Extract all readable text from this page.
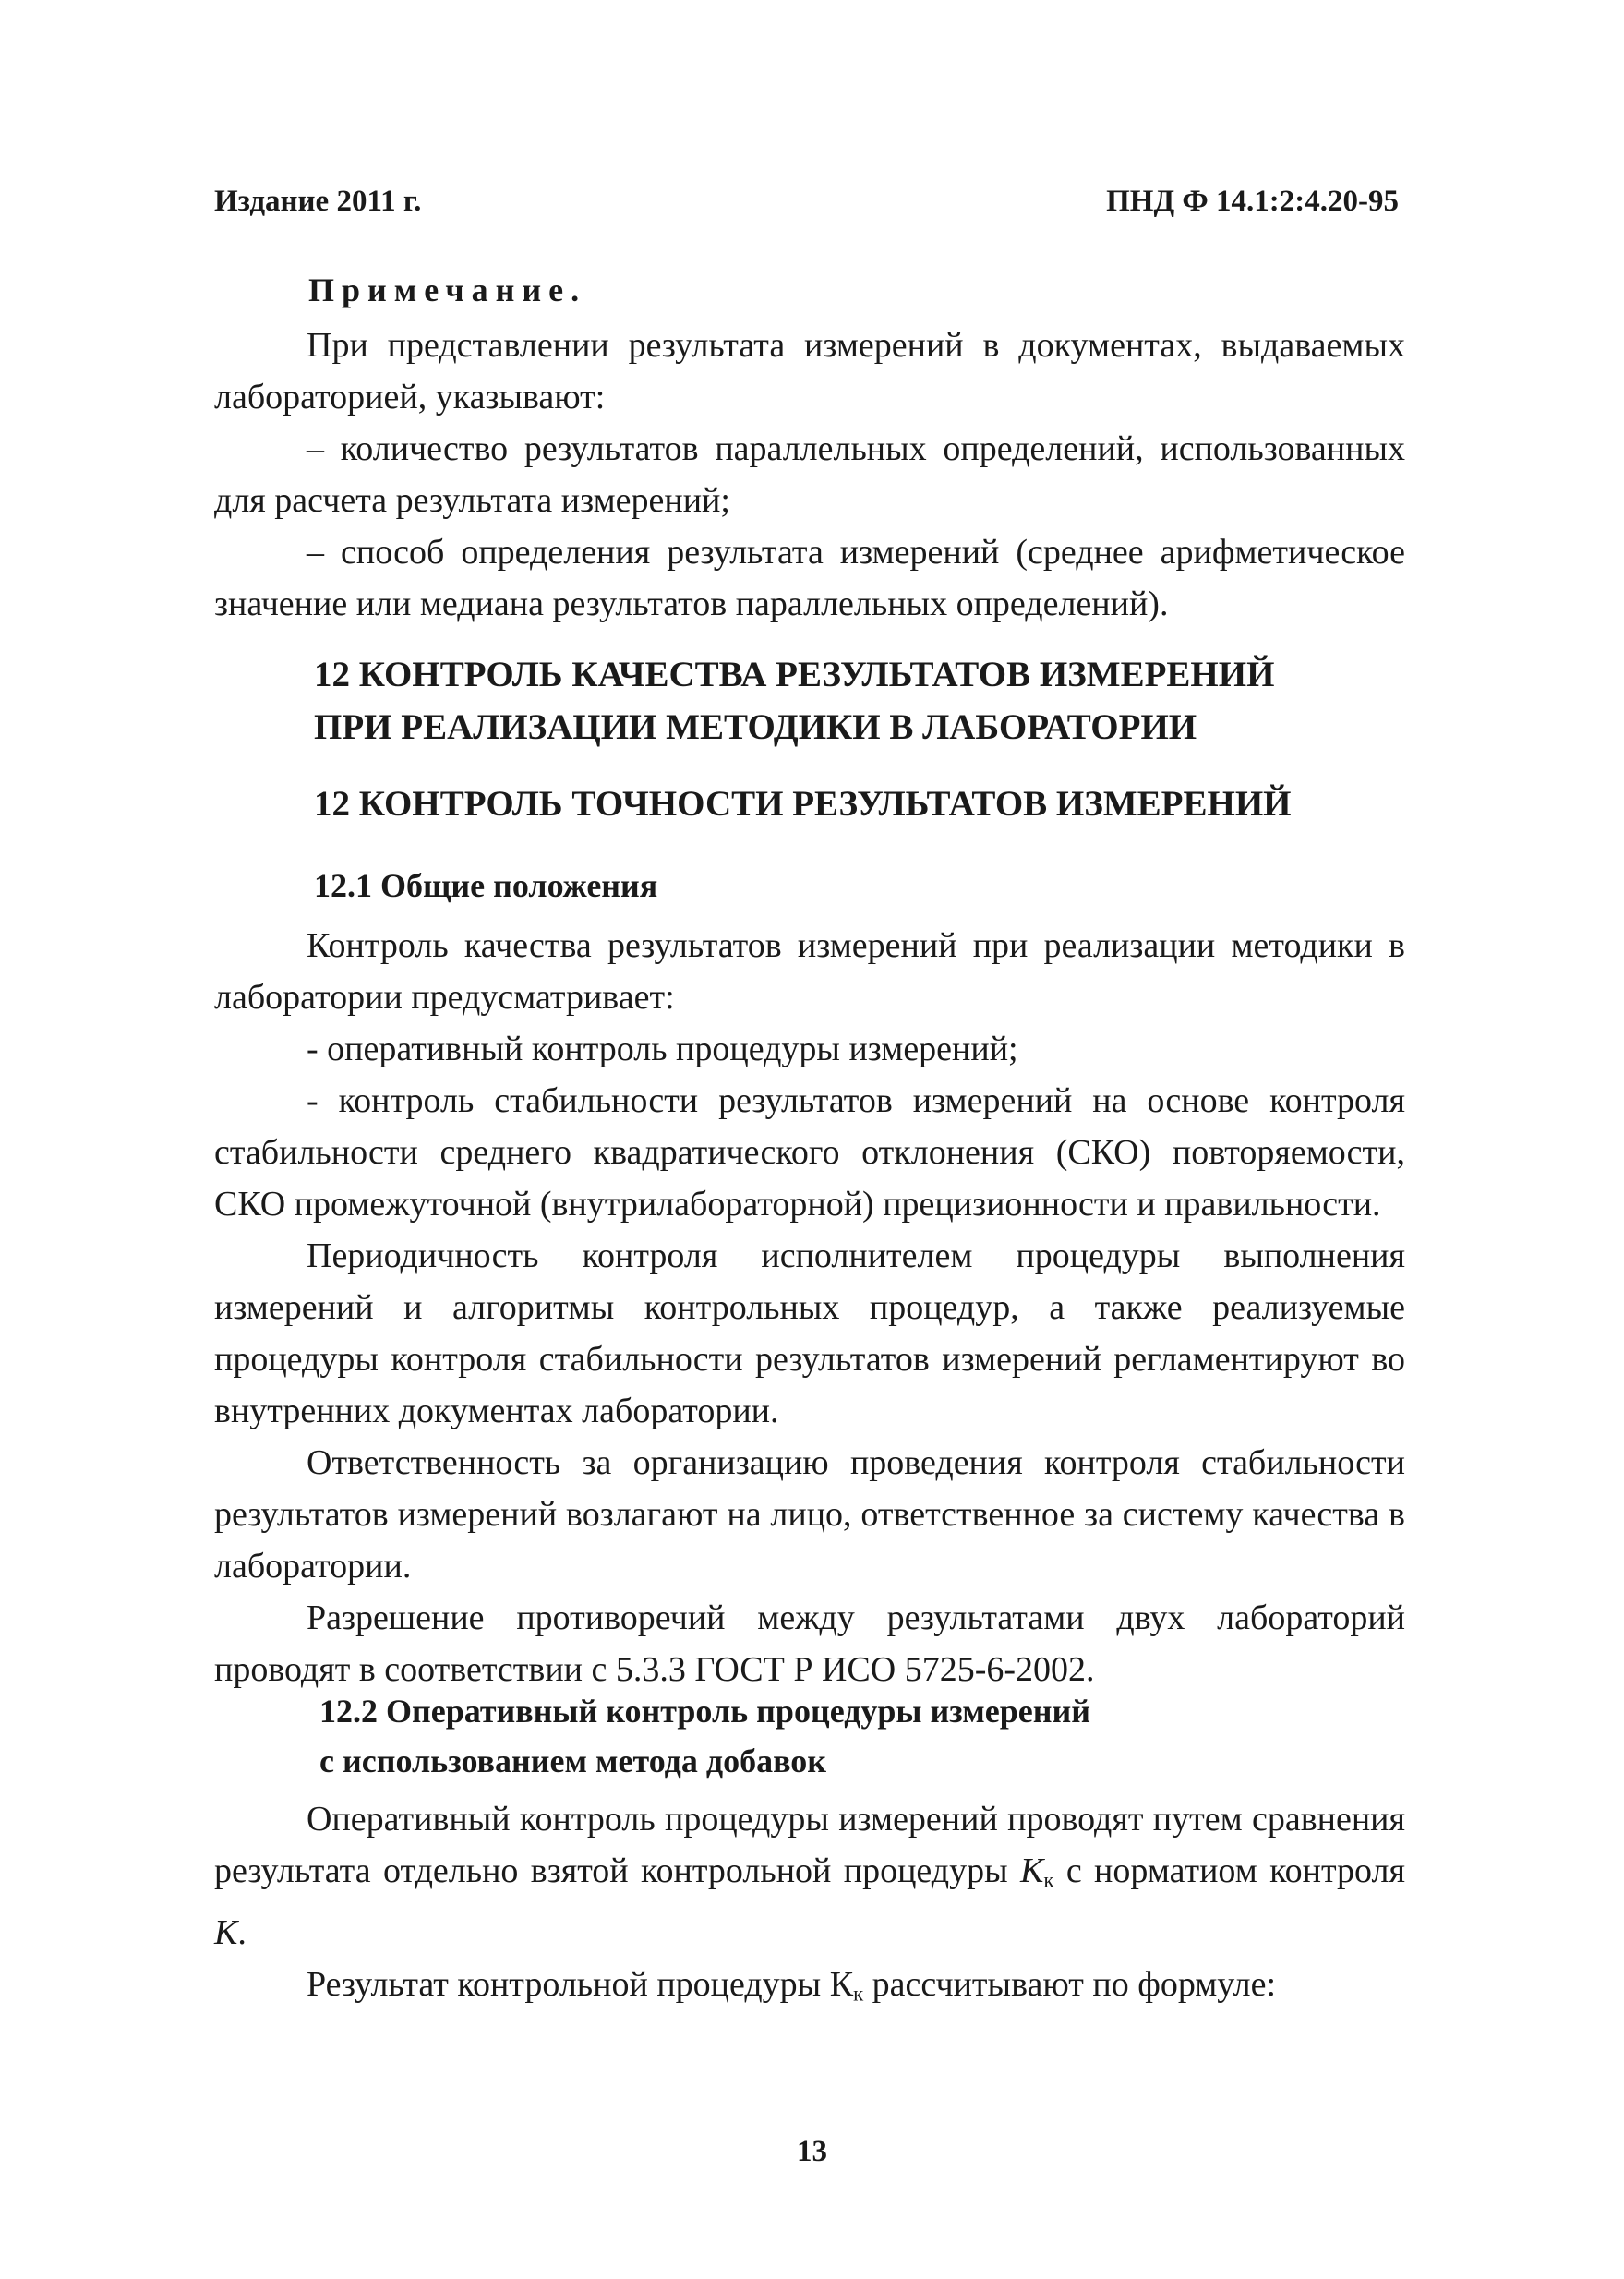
Издание 2011 г.	ПНД Ф 14.1:2:4.20-95
Примечание.

При представлении результата измерений в документах, выдаваемых лабораторией, указывают:

– количество результатов параллельных определений, использованных для расчета результата измерений;

– способ определения результата измерений (среднее арифметическое значение или медиана результатов параллельных определений).

12 КОНТРОЛЬ КАЧЕСТВА РЕЗУЛЬТАТОВ ИЗМЕРЕНИЙ
ПРИ РЕАЛИЗАЦИИ МЕТОДИКИ В ЛАБОРАТОРИИ
12 КОНТРОЛЬ ТОЧНОСТИ РЕЗУЛЬТАТОВ ИЗМЕРЕНИЙ
12.1 Общие положения

Контроль качества результатов измерений при реализации методики в лаборатории предусматривает:

- оперативный контроль процедуры измерений;

- контроль стабильности результатов измерений на основе контроля стабильности среднего квадратического отклонения (СКО) повторяемости, СКО промежуточной (внутрилабораторной) прецизионности и правильности.

Периодичность контроля исполнителем процедуры выполнения измерений и алгоритмы контрольных процедур, а также реализуемые процедуры контроля стабильности результатов измерений регламентируют во внутренних документах лаборатории.

Ответственность за организацию проведения контроля стабильности результатов измерений возлагают на лицо, ответственное за систему качества в лаборатории.

Разрешение противоречий между результатами двух лабораторий проводят в соответствии с 5.3.3 ГОСТ Р ИСО 5725-6-2002.

12.2 Оперативный контроль процедуры измерений
с использованием метода добавок

Оперативный контроль процедуры измерений проводят путем сравнения результата отдельно взятой контрольной процедуры $K_к$ с норматиом контроля K.

Результат контрольной процедуры $К_к$ рассчитывают по формуле:

13
